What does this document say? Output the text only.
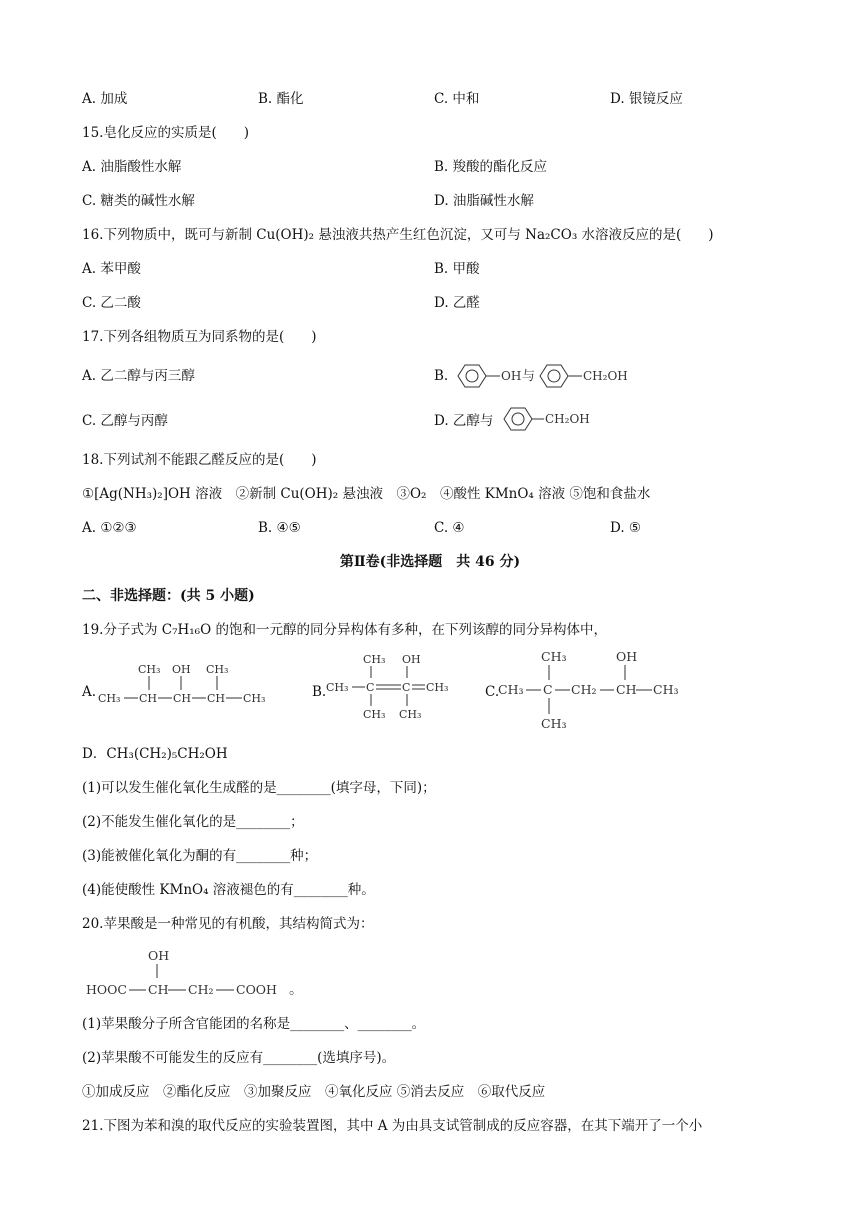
A. 加成	B. 酯化	C. 中和	D. 银镜反应
15.皂化反应的实质是(　　)
A. 油脂酸性水解	B. 羧酸的酯化反应
C. 糖类的碱性水解	D. 油脂碱性水解
16.下列物质中，既可与新制 Cu(OH)₂ 悬浊液共热产生红色沉淀，又可与 Na₂CO₃ 水溶液反应的是(　　)
A. 苯甲酸	B. 甲酸
C. 乙二酸	D. 乙醛
17.下列各组物质互为同系物的是(　　)
A. 乙二醇与丙三醇	B.	OH 与	CH₂OH
C. 乙醇与丙醇	D. 乙醇与	CH₂OH
18.下列试剂不能跟乙醛反应的是(　　)
①[Ag(NH₃)₂]OH 溶液　②新制 Cu(OH)₂ 悬浊液　③O₂　④酸性 KMnO₄ 溶液 ⑤饱和食盐水
A. ①②③	B. ④⑤	C. ④	D. ⑤
第Ⅱ卷(非选择题　共 46 分)
二、非选择题：(共 5 小题)
19.分子式为 C₇H₁₆O 的饱和一元醇的同分异构体有多种，在下列该醇的同分异构体中，
A.
CH₃ OH CH₃
CH₃ CH CH CH CH₃	B.
CH₃ OH
CH₃ C	C CH₃
CH₃ CH₃
C.
CH₃	OH
CH₃ C CH₂ CH CH₃
CH₃
D．CH₃(CH₂)₅CH₂OH
(1)可以发生催化氧化生成醛的是________(填字母，下同)；
(2)不能发生催化氧化的是________；
(3)能被催化氧化为酮的有________种；
(4)能使酸性 KMnO₄ 溶液褪色的有________种。
20.苹果酸是一种常见的有机酸，其结构简式为：
OH
HOOC CH CH₂ COOH 。
(1)苹果酸分子所含官能团的名称是________、________。
(2)苹果酸不可能发生的反应有________(选填序号)。
①加成反应　②酯化反应　③加聚反应　④氧化反应 ⑤消去反应　⑥取代反应
21.下图为苯和溴的取代反应的实验装置图，其中 A 为由具支试管制成的反应容器，在其下端开了一个小
